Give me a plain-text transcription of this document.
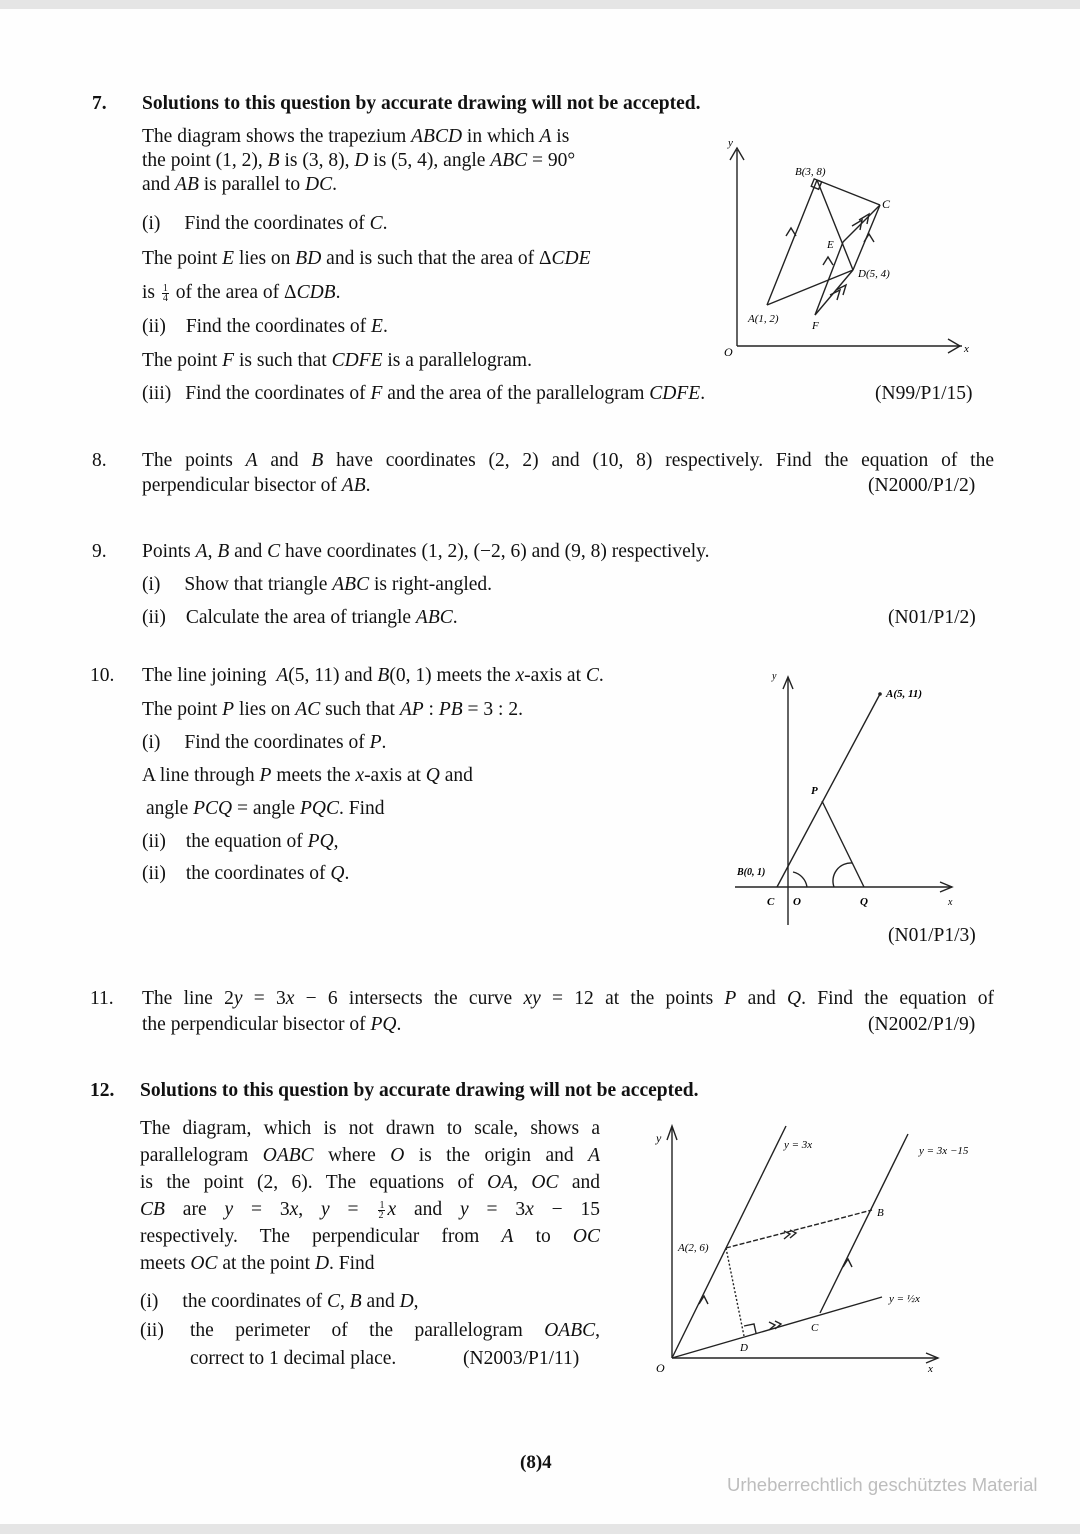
7. Solutions to this question by accurate drawing will not be accepted.
The diagram shows the trapezium ABCD in which A is
the point (1, 2), B is (3, 8), D is (5, 4), angle ABC = 90°
and AB is parallel to DC.
(i) Find the coordinates of C.
The point E lies on BD and is such that the area of ΔCDE
is $\frac{1}{4}$ of the area of ΔCDB.
(ii) Find the coordinates of E.
The point F is such that CDFE is a parallelogram.
(iii) Find the coordinates of F and the area of the parallelogram CDFE.	(N99/P1/15)
y
x
O
B(3, 8)
C
E
D(5, 4)
A(1, 2)
F
8. The points A and B have coordinates (2, 2) and (10, 8) respectively. Find the equation of the
perpendicular bisector of AB.	(N2000/P1/2)
9. Points A, B and C have coordinates (1, 2), (−2, 6) and (9, 8) respectively.
(i) Show that triangle ABC is right-angled.
(ii) Calculate the area of triangle ABC.	(N01/P1/2)
10. The line joining  A(5, 11) and B(0, 1) meets the x-axis at C.
The point P lies on AC such that AP : PB = 3 : 2.
(i) Find the coordinates of P.
A line through P meets the x-axis at Q and
angle PCQ = angle PQC. Find
(ii) the equation of PQ,
(ii) the coordinates of Q.
(N01/P1/3)
y
A(5, 11)
P
B(0, 1)
C O	Q	x
11. The line 2y = 3x − 6 intersects the curve xy = 12 at the points P and Q. Find the equation of
the perpendicular bisector of PQ.	(N2002/P1/9)
12. Solutions to this question by accurate drawing will not be accepted.
The diagram, which is not drawn to scale, shows a
parallelogram OABC where O is the origin and A
is the point (2, 6). The equations of OA, OC and
CB are y = 3x, $y = \frac{1}{2}$ x and y = 3x − 15
respectively. The perpendicular from A to OC
meets OC at the point D. Find
(i) the coordinates of C, B and D,
(ii) the perimeter of the parallelogram OABC,
correct to 1 decimal place.	(N2003/P1/11)
y	y = 3x	y = 3x −15
B
A(2, 6)
y = ½x
C
D
O	x
(8)4
Urheberrechtlich geschütztes Material
